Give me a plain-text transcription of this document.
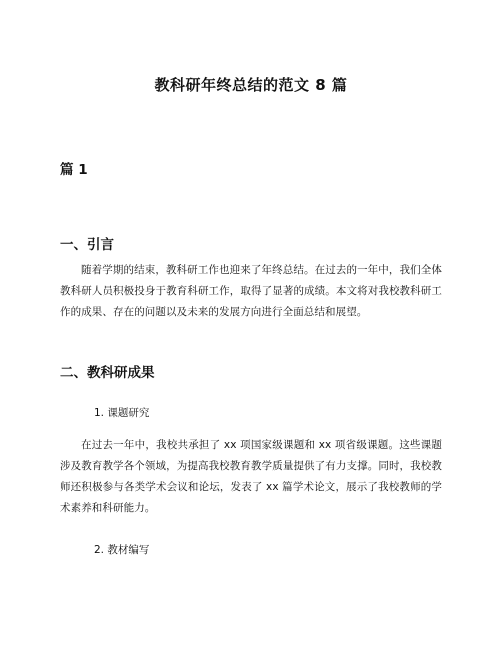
教科研年终总结的范文 8 篇
篇 1
一、引言

随着学期的结束，教科研工作也迎来了年终总结。在过去的一年中，我们全体教科研人员积极投身于教育科研工作，取得了显著的成绩。本文将对我校教科研工作的成果、存在的问题以及未来的发展方向进行全面总结和展望。

二、教科研成果

1. 课题研究

在过去一年中，我校共承担了 xx 项国家级课题和 xx 项省级课题。这些课题涉及教育教学各个领域，为提高我校教育教学质量提供了有力支撑。同时，我校教师还积极参与各类学术会议和论坛，发表了 xx 篇学术论文，展示了我校教师的学术素养和科研能力。

2. 教材编写
